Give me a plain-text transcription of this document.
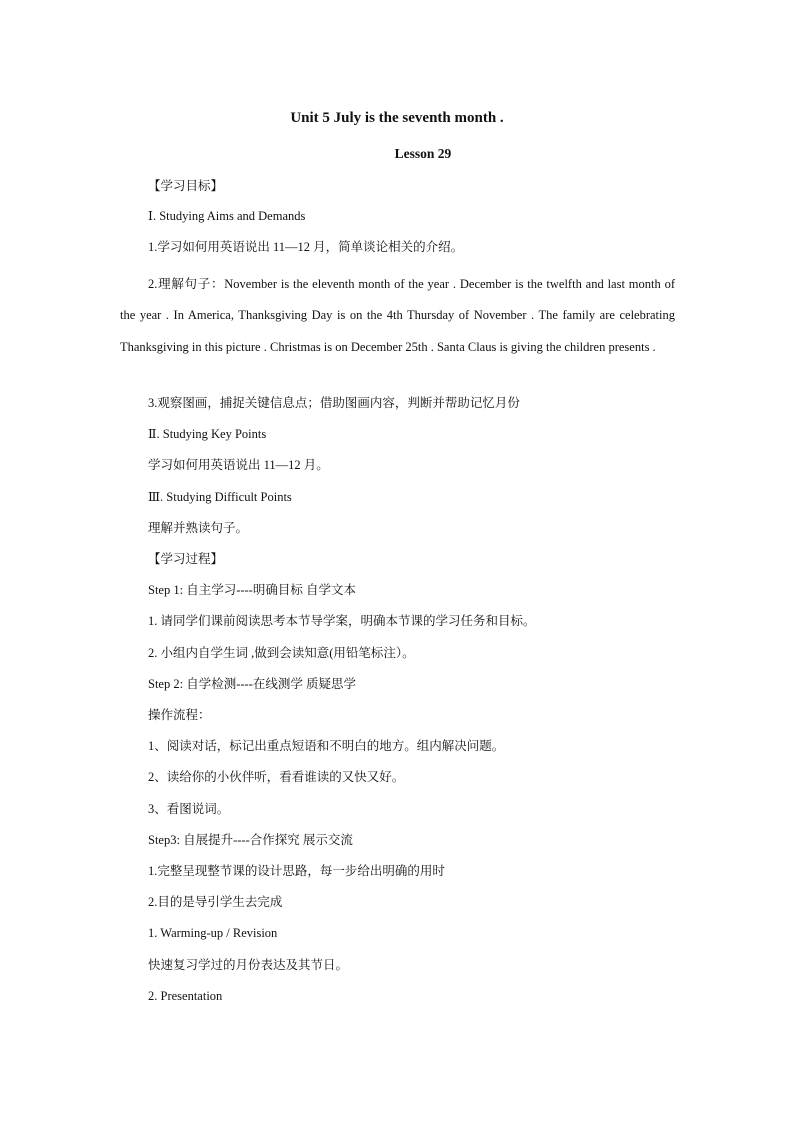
Unit 5 July is the seventh month .
Lesson 29
【学习目标】
Ⅰ. Studying Aims and Demands
1.学习如何用英语说出 11—12 月，简单谈论相关的介绍。
2.理解句子：November is the eleventh month of the year . December is the twelfth and last month of the year . In America, Thanksgiving Day is on the 4th Thursday of November . The family are celebrating Thanksgiving in this picture . Christmas is on December 25th . Santa Claus is giving the children presents .
3.观察图画，捕捉关键信息点；借助图画内容，判断并帮助记忆月份
Ⅱ. Studying Key Points
学习如何用英语说出 11—12 月。
Ⅲ. Studying Difficult Points
理解并熟读句子。
【学习过程】
Step 1: 自主学习----明确目标 自学文本
1. 请同学们课前阅读思考本节导学案，明确本节课的学习任务和目标。
2. 小组内自学生词 ,做到会读知意(用铅笔标注）。
Step 2: 自学检测----在线测学 质疑思学
操作流程：
1、阅读对话，标记出重点短语和不明白的地方。组内解决问题。
2、读给你的小伙伴听，看看谁读的又快又好。
3、看图说词。
Step3: 自展提升----合作探究 展示交流
1.完整呈现整节课的设计思路，每一步给出明确的用时
2.目的是导引学生去完成
1. Warming-up / Revision
快速复习学过的月份表达及其节日。
2. Presentation
